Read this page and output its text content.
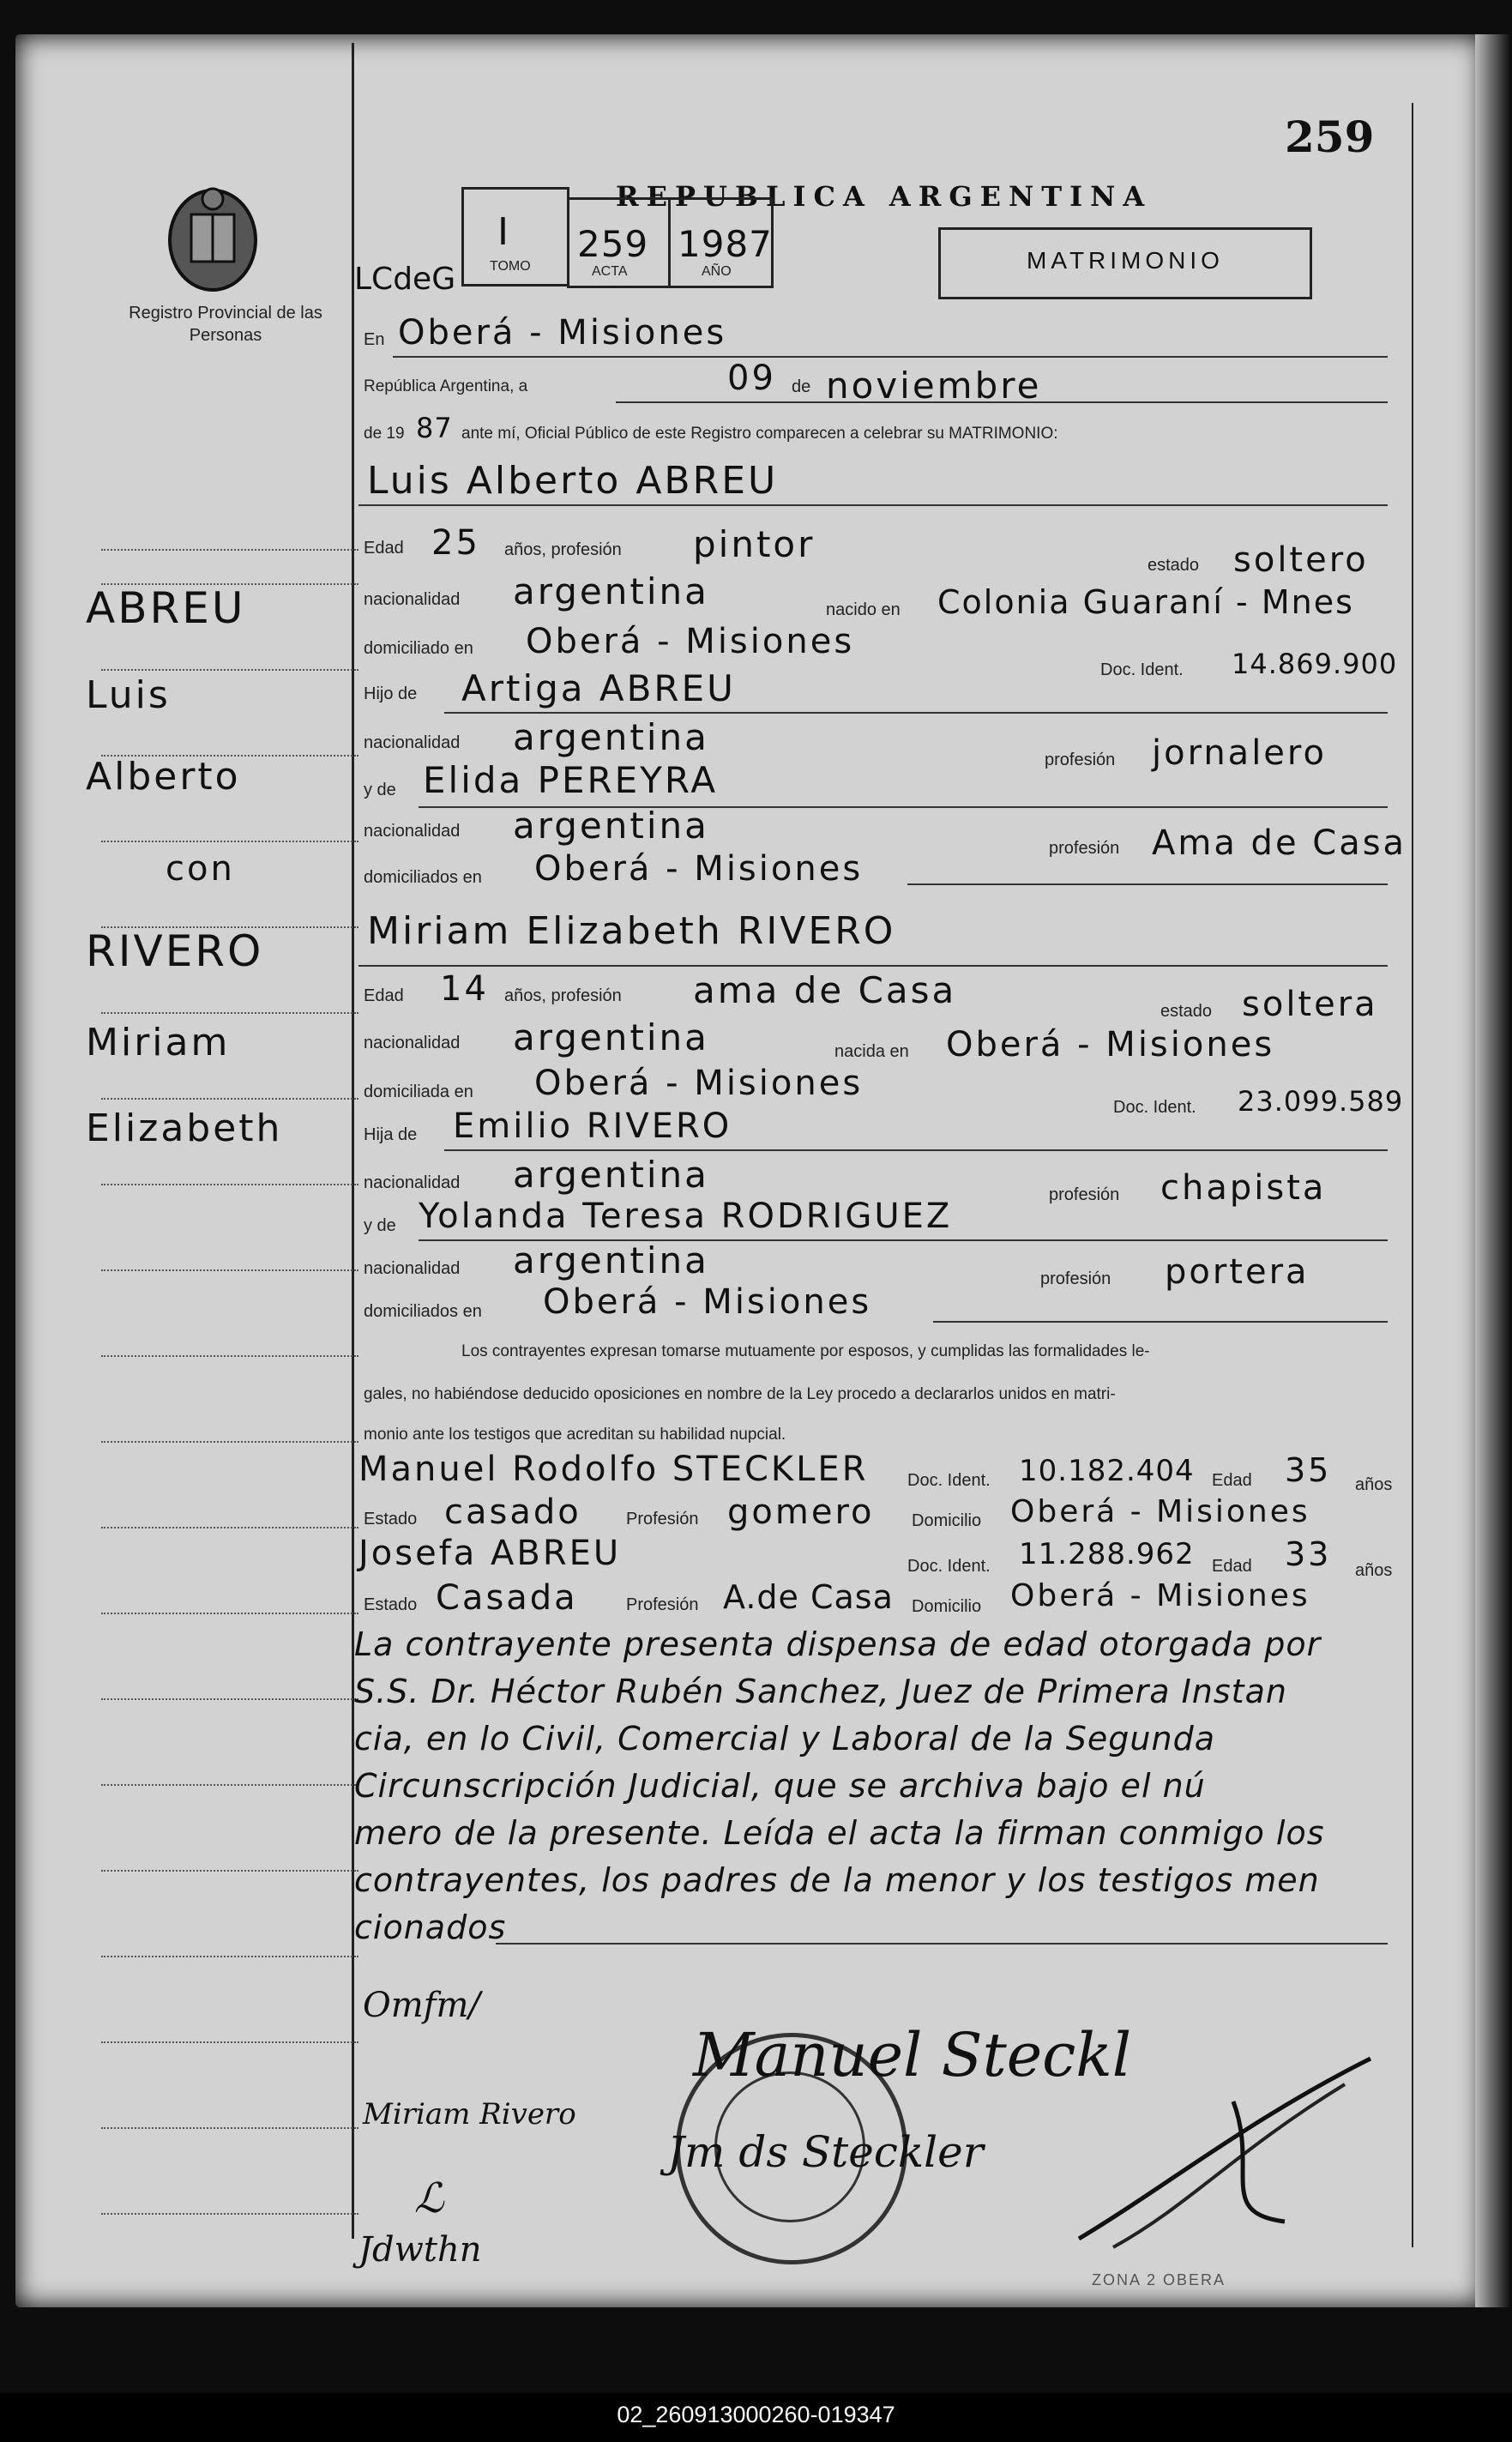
259
Registro Provincial de las Personas
REPUBLICA ARGENTINA
MATRIMONIO
LCdeG
I 259 1987
TOMO	ACTA	AÑO
ABREU
Luis
Alberto
con
RIVERO
Miriam
Elizabeth
En Oberá - Misiones
República Argentina, a	09 de noviembre
de 19 87 ante mí, Oficial Público de este Registro comparecen a celebrar su MATRIMONIO:
Luis Alberto ABREU
Edad 25 años, profesión pintor	estado soltero
nacionalidad argentina	nacido en Colonia Guaraní - Mnes
domiciliado en Oberá - Misiones
Doc. Ident. 14.869.900
Hijo de Artiga ABREU
nacionalidad argentina
profesión jornalero
y de Elida PEREYRA
nacionalidad argentina
profesión Ama de Casa
domiciliados en Oberá - Misiones
Miriam Elizabeth RIVERO
Edad 14 años, profesión ama de Casa	estado soltera
nacionalidad argentina	nacida en Oberá - Misiones
domiciliada en Oberá - Misiones
Doc. Ident. 23.099.589
Hija de Emilio RIVERO
nacionalidad argentina	profesión chapista
y de Yolanda Teresa RODRIGUEZ
nacionalidad argentina	profesión portera
domiciliados en Oberá - Misiones
Los contrayentes expresan tomarse mutuamente por esposos, y cumplidas las formalidades le-
gales, no habiéndose deducido oposiciones en nombre de la Ley procedo a declararlos unidos en matri-
monio ante los testigos que acreditan su habilidad nupcial.
Manuel Rodolfo STECKLER Doc. Ident. 10.182.404 Edad 35 años
Estado casado	Profesión gomero Domicilio Oberá - Misiones
Josefa ABREU	Doc. Ident. 11.288.962 Edad 33 años
Estado Casada	Profesión A.de Casa Domicilio Oberá - Misiones
La contrayente presenta dispensa de edad otorgada por
S.S. Dr. Héctor Rubén Sanchez, Juez de Primera Instan
cia, en lo Civil, Comercial y Laboral de la Segunda
Circunscripción Judicial, que se archiva bajo el nú
mero de la presente. Leída el acta la firman conmigo los
contrayentes, los padres de la menor y los testigos men
cionados
Omfm/
Miriam Rivero
ℒ
Jdwthn
Manuel Steckl
Jm ds Steckler
ZONA 2 OBERA
02_260913000260-019347
